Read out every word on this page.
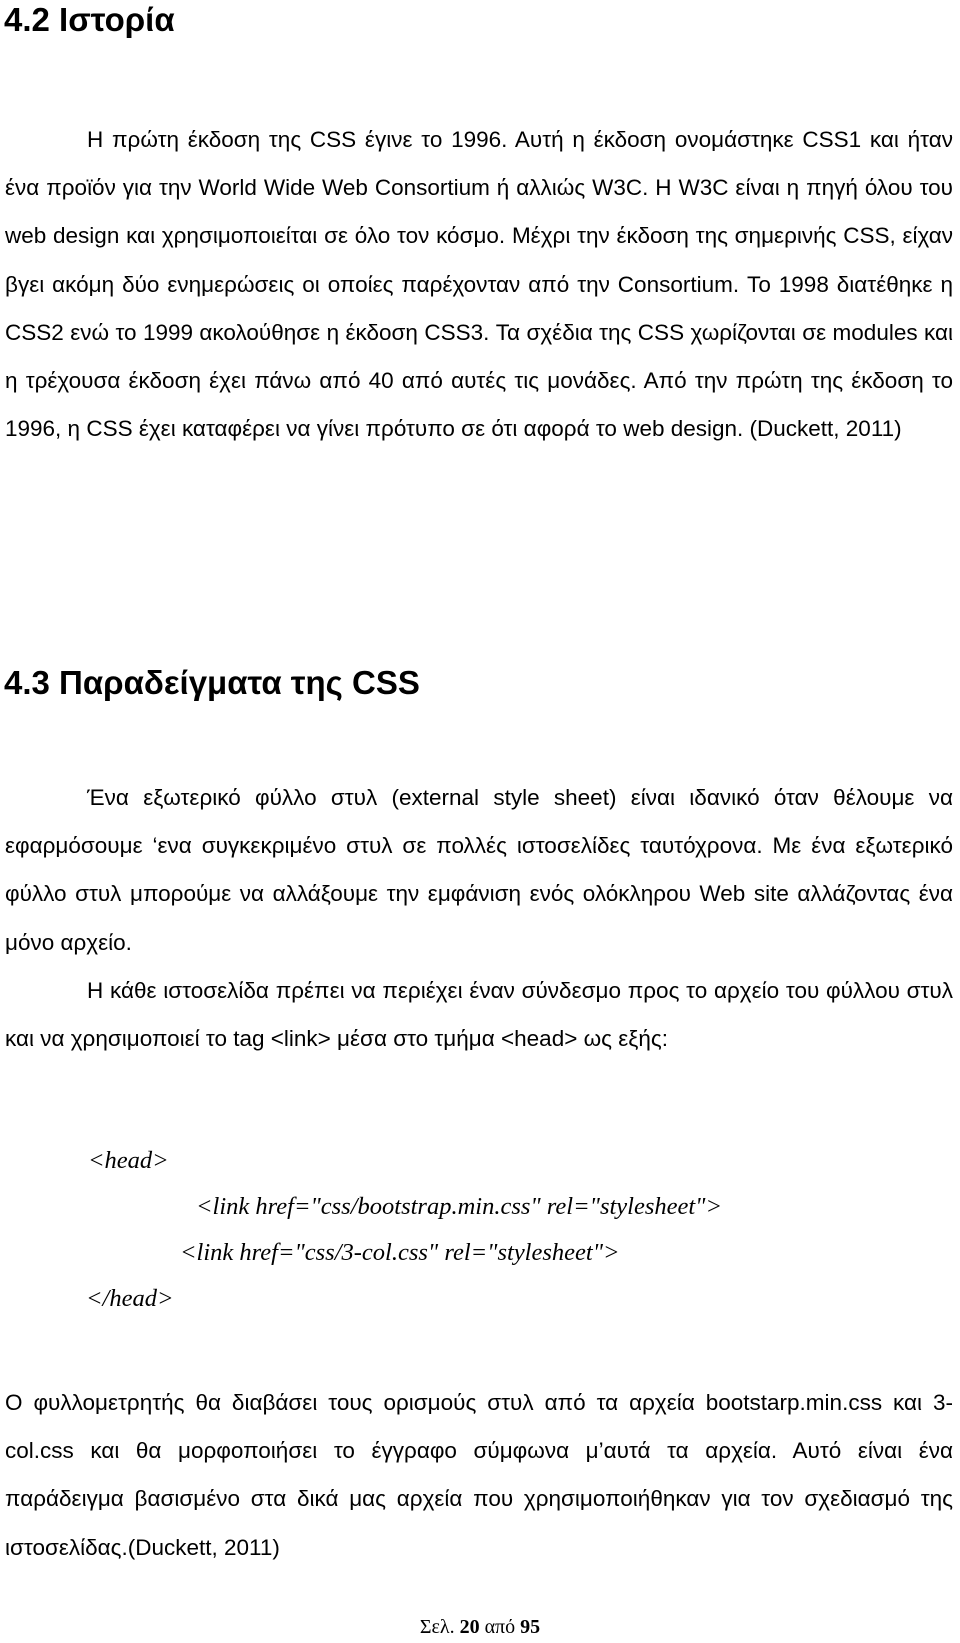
4.2 Ιστορία

Η πρώτη έκδοση της CSS έγινε το 1996. Αυτή η έκδοση ονομάστηκε CSS1 και ήταν ένα προϊόν για την World Wide Web Consortium ή αλλιώς W3C. Η W3C είναι η πηγή όλου του web design και χρησιμοποιείται σε όλο τον κόσμο. Μέχρι την έκδοση της σημερινής CSS, είχαν βγει ακόμη δύο ενημερώσεις οι οποίες παρέχονταν από την Consortium. Το 1998 διατέθηκε η CSS2 ενώ το 1999 ακολούθησε η έκδοση CSS3. Τα σχέδια της CSS χωρίζονται σε modules και η τρέχουσα έκδοση έχει πάνω από 40 από αυτές τις μονάδες. Από την πρώτη της έκδοση το 1996, η CSS έχει καταφέρει να γίνει πρότυπο σε ότι αφορά το web design. (Duckett, 2011)

4.3 Παραδείγματα της CSS

Ένα εξωτερικό φύλλο στυλ (external style sheet) είναι ιδανικό όταν θέλουμε να εφαρμόσουμε ‘ενα συγκεκριμένο στυλ σε πολλές ιστοσελίδες ταυτόχρονα. Με ένα εξωτερικό φύλλο στυλ μπορούμε να αλλάξουμε την εμφάνιση ενός ολόκληρου Web site αλλάζοντας ένα μόνο αρχείο.

Η κάθε ιστοσελίδα πρέπει να περιέχει έναν σύνδεσμο προς το αρχείο του φύλλου στυλ και να χρησιμοποιεί το tag <link> μέσα στο τμήμα <head> ως εξής:

<head>
<link href="css/bootstrap.min.css" rel="stylesheet">
<link href="css/3-col.css" rel="stylesheet">
</head>

Ο φυλλομετρητής θα διαβάσει τους ορισμούς στυλ από τα αρχεία bootstarp.min.css και 3-col.css και θα μορφοποιήσει το έγγραφο σύμφωνα μ’αυτά τα αρχεία. Αυτό είναι ένα παράδειγμα βασισμένο στα δικά μας αρχεία που χρησιμοποιήθηκαν για τον σχεδιασμό της ιστοσελίδας.(Duckett, 2011)

Σελ. 20 από 95
